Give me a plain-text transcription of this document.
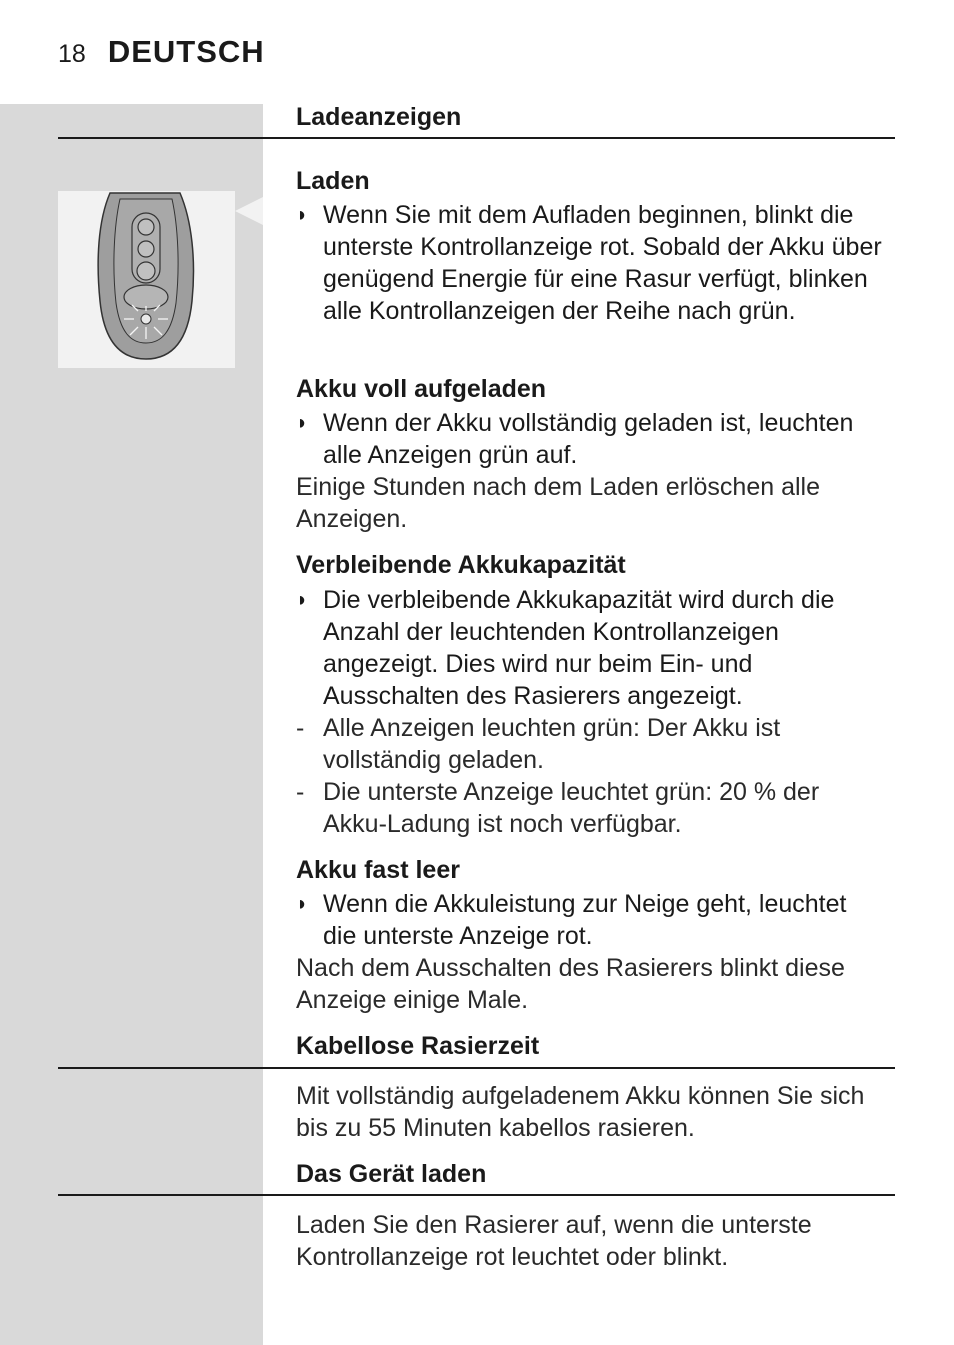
18 DEUTSCH
Ladeanzeigen
Laden
◗ Wenn Sie mit dem Aufladen beginnen, blinkt die unterste Kontrollanzeige rot. Sobald der Akku über genügend Energie für eine Rasur verfügt, blinken alle Kontrollanzeigen der Reihe nach grün.
Akku voll aufgeladen
◗ Wenn der Akku vollständig geladen ist, leuchten alle Anzeigen grün auf.
Einige Stunden nach dem Laden erlöschen alle Anzeigen.
Verbleibende Akkukapazität
◗ Die verbleibende Akkukapazität wird durch die Anzahl der leuchtenden Kontrollanzeigen angezeigt. Dies wird nur beim Ein- und Ausschalten des Rasierers angezeigt.
- Alle Anzeigen leuchten grün: Der Akku ist vollständig geladen.
- Die unterste Anzeige leuchtet grün: 20 % der Akku-Ladung ist noch verfügbar.
Akku fast leer
◗ Wenn die Akkuleistung zur Neige geht, leuchtet die unterste Anzeige rot.
Nach dem Ausschalten des Rasierers blinkt diese Anzeige einige Male.
Kabellose Rasierzeit
Mit vollständig aufgeladenem Akku können Sie sich bis zu 55 Minuten kabellos rasieren.
Das Gerät laden
Laden Sie den Rasierer auf, wenn die unterste Kontrollanzeige rot leuchtet oder blinkt.
